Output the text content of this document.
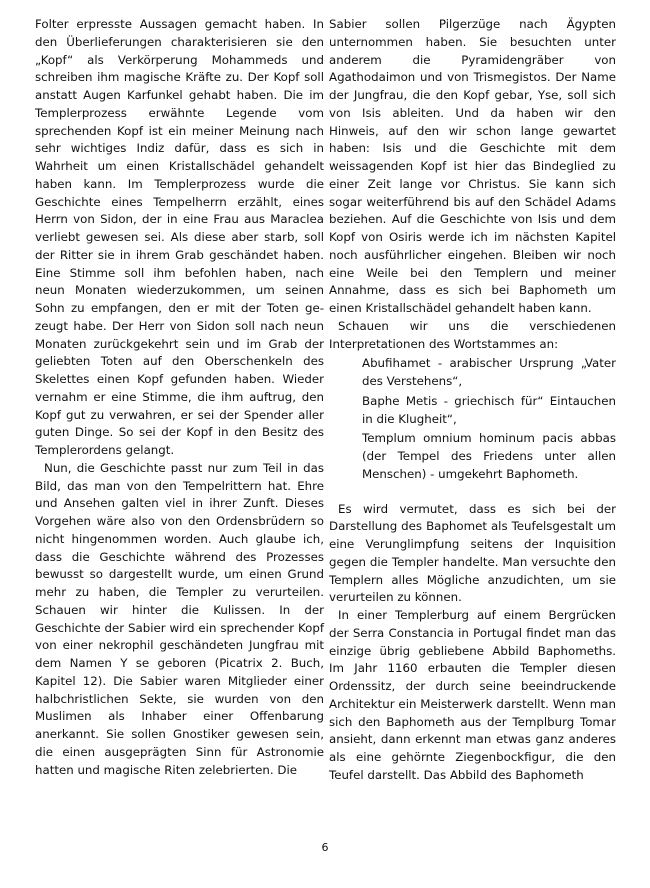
Folter erpresste Aussagen gemacht haben. In den Überlieferungen charakterisieren sie den „Kopf“ als Verkörperung Mohammeds und schreiben ihm magische Kräfte zu. Der Kopf soll anstatt Augen Karfunkel gehabt haben. Die im Templerprozess erwähnte Legende vom sprechenden Kopf ist ein meiner Meinung nach sehr wichtiges Indiz dafür, dass es sich in Wahrheit um einen Kristallschädel gehandelt haben kann. Im Templerprozess wurde die Geschichte eines Tempelherrn erzählt, eines Herrn von Sidon, der in eine Frau aus Maraclea verliebt gewesen sei. Als diese aber starb, soll der Ritter sie in ihrem Grab geschändet haben. Eine Stimme soll ihm befohlen haben, nach neun Monaten wiederzukommen, um seinen Sohn zu empfangen, den er mit der Toten gezeugt habe. Der Herr von Sidon soll nach neun Monaten zurückgekehrt sein und im Grab der geliebten Toten auf den Oberschenkeln des Skelettes einen Kopf gefunden haben. Wieder vernahm er eine Stimme, die ihm auftrug, den Kopf gut zu verwahren, er sei der Spender aller guten Dinge. So sei der Kopf in den Besitz des Templerordens gelangt.

Nun, die Geschichte passt nur zum Teil in das Bild, das man von den Tempelrittern hat. Ehre und Ansehen galten viel in ihrer Zunft. Dieses Vorgehen wäre also von den Ordensbrüdern so nicht hingenommen worden. Auch glaube ich, dass die Geschichte während des Prozesses bewusst so dargestellt wurde, um einen Grund mehr zu haben, die Templer zu verurteilen. Schauen wir hinter die Kulissen. In der Geschichte der Sabier wird ein sprechender Kopf von einer nekrophil geschändeten Jungfrau mit dem Namen Y se geboren (Picatrix 2. Buch, Kapitel 12). Die Sabier waren Mitglieder einer halbchristlichen Sekte, sie wurden von den Muslimen als Inhaber einer Offenbarung anerkannt. Sie sollen Gnostiker gewesen sein, die einen ausgeprägten Sinn für Astronomie hatten und magische Riten zelebrierten. Die

Sabier sollen Pilgerzüge nach Ägypten unternommen haben. Sie besuchten unter anderem die Pyramidengräber von Agathodaimon und von Trismegistos. Der Name der Jungfrau, die den Kopf gebar, Yse, soll sich von Isis ableiten. Und da haben wir den Hinweis, auf den wir schon lange gewartet haben: Isis und die Geschichte mit dem weissagenden Kopf ist hier das Bindeglied zu einer Zeit lange vor Christus. Sie kann sich sogar weiterführend bis auf den Schädel Adams beziehen. Auf die Geschichte von Isis und dem Kopf von Osiris werde ich im nächsten Kapitel noch ausführlicher eingehen. Bleiben wir noch eine Weile bei den Templern und meiner Annahme, dass es sich bei Baphometh um einen Kristallschädel gehandelt haben kann.

Schauen wir uns die verschiedenen Interpretationen des Wortstammes an:

Abufihamet - arabischer Ursprung „Vater des Verstehens“,

Baphe Metis - griechisch für“ Eintauchen in die Klugheit“,

Templum omnium hominum pacis abbas (der Tempel des Friedens unter allen Menschen) - umgekehrt Baphometh.

Es wird vermutet, dass es sich bei der Darstellung des Baphomet als Teufelsgestalt um eine Verunglimpfung seitens der Inquisition gegen die Templer handelte. Man versuchte den Templern alles Mögliche anzudichten, um sie verurteilen zu können.

In einer Templerburg auf einem Bergrücken der Serra Constancia in Portugal findet man das einzige übrig gebliebene Abbild Baphomeths. Im Jahr 1160 erbauten die Templer diesen Ordenssitz, der durch seine beeindruckende Architektur ein Meisterwerk darstellt. Wenn man sich den Baphometh aus der Templburg Tomar ansieht, dann erkennt man etwas ganz anderes als eine gehörnte Ziegenbockfigur, die den Teufel darstellt. Das Abbild des Baphometh

6
